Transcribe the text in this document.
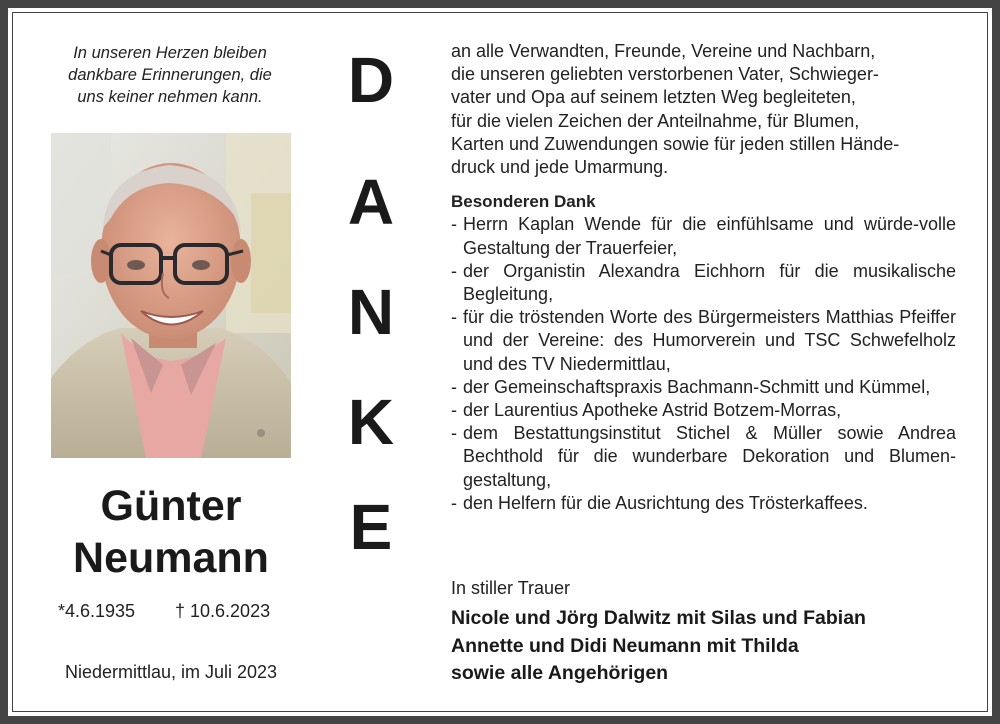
In unseren Herzen bleiben
dankbare Erinnerungen, die
uns keiner nehmen kann.
Günter
Neumann
*4.6.1935 † 10.6.2023
Niedermittlau, im Juli 2023
D
A
N
K
E
an alle Verwandten, Freunde, Vereine und Nachbarn,
die unseren geliebten verstorbenen Vater, Schwieger-
vater und Opa auf seinem letzten Weg begleiteten,
für die vielen Zeichen der Anteilnahme, für Blumen,
Karten und Zuwendungen sowie für jeden stillen Hände-
druck und jede Umarmung.
Besonderen Dank
- Herrn Kaplan Wende für die einfühlsame und würde-volle Gestaltung der Trauerfeier,
- der Organistin Alexandra Eichhorn für die musikalische Begleitung,
- für die tröstenden Worte des Bürgermeisters Matthias Pfeiffer und der Vereine: des Humorverein und TSC Schwefelholz und des TV Niedermittlau,
- der Gemeinschaftspraxis Bachmann-Schmitt und Kümmel,
- der Laurentius Apotheke Astrid Botzem-Morras,
- dem Bestattungsinstitut Stichel & Müller sowie Andrea Bechthold für die wunderbare Dekoration und Blumen-gestaltung,
- den Helfern für die Ausrichtung des Trösterkaffees.
In stiller Trauer
Nicole und Jörg Dalwitz mit Silas und Fabian
Annette und Didi Neumann mit Thilda
sowie alle Angehörigen
